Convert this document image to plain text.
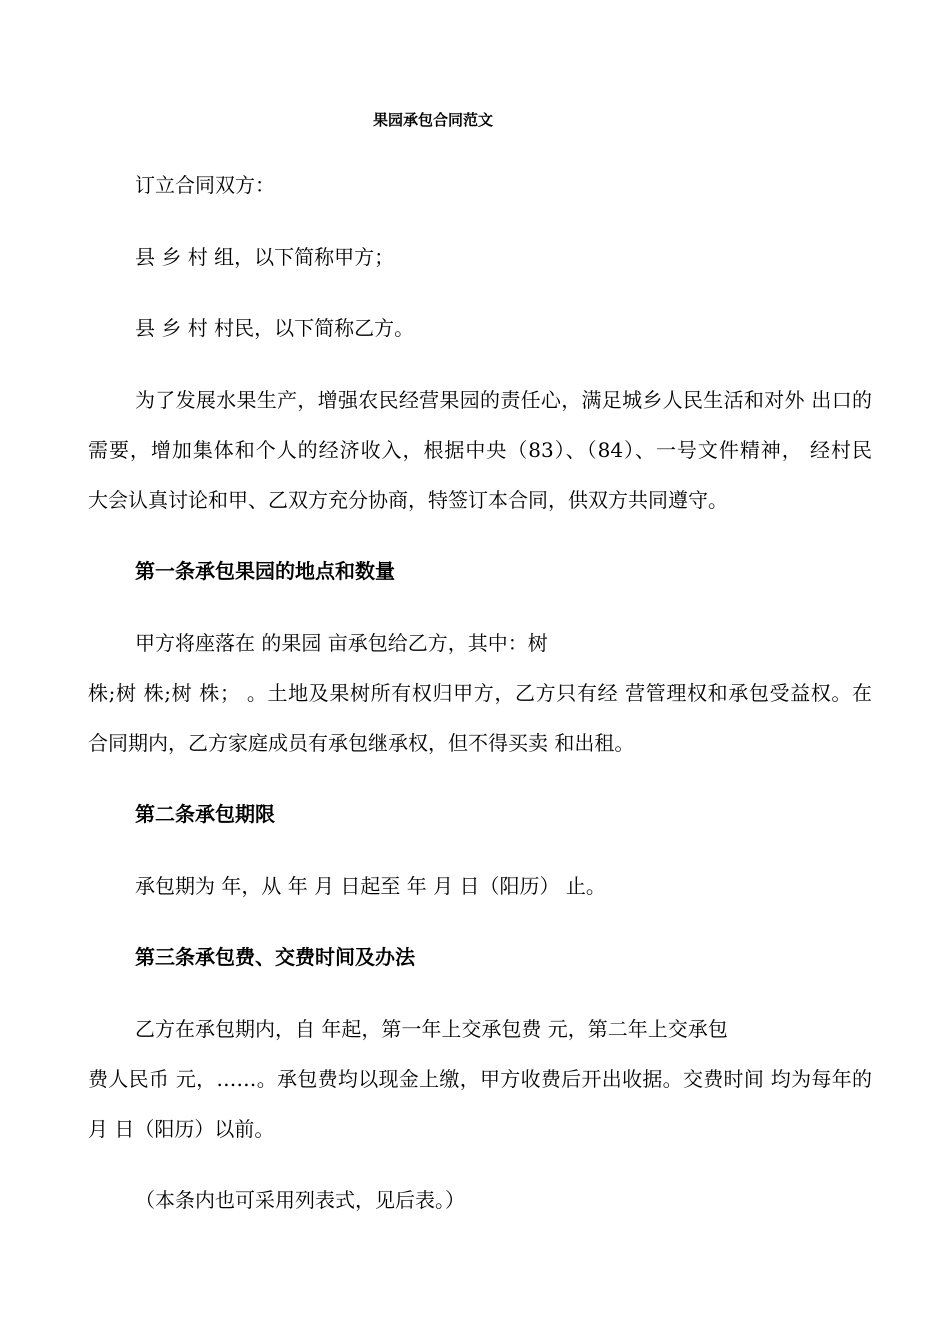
果园承包合同范文
订立合同双方：
县 乡 村 组，以下简称甲方；
县 乡 村 村民，以下简称乙方。
为了发展水果生产，增强农民经营果园的责任心，满足城乡人民生活和对外 出口的
需要，增加集体和个人的经济收入，根据中央（83）、（84）、一号文件精神， 经村民
大会认真讨论和甲、乙双方充分协商，特签订本合同，供双方共同遵守。
第一条承包果园的地点和数量
甲方将座落在 的果园 亩承包给乙方，其中：树
株;树 株;树 株； 。土地及果树所有权归甲方，乙方只有经 营管理权和承包受益权。在
合同期内，乙方家庭成员有承包继承权，但不得买卖 和出租。
第二条承包期限
承包期为 年，从 年 月 日起至 年 月 日（阳历） 止。
第三条承包费、交费时间及办法
乙方在承包期内，自 年起，第一年上交承包费 元，第二年上交承包
费人民币 元，……。承包费均以现金上缴，甲方收费后开出收据。交费时间 均为每年的
月 日（阳历）以前。
（本条内也可采用列表式，见后表。）
